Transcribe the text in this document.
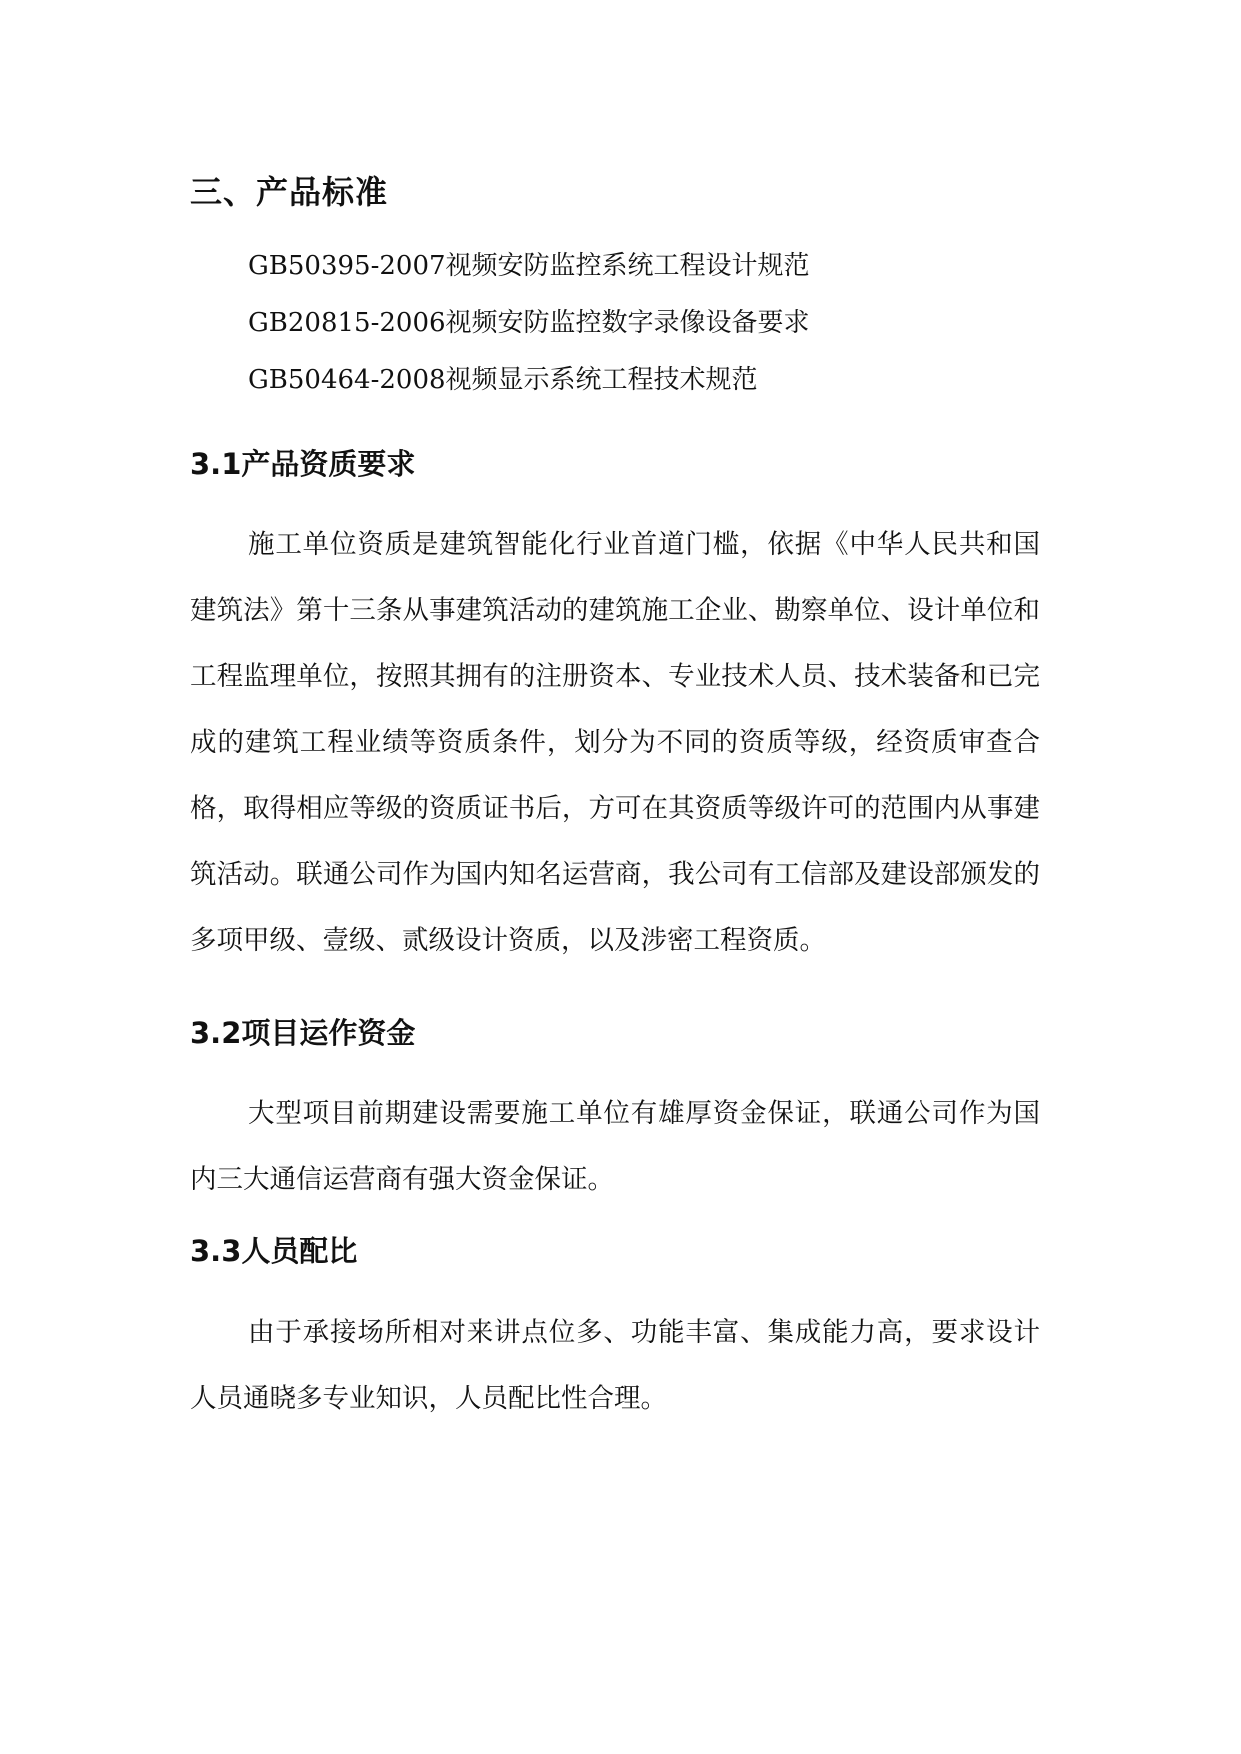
三、产品标准

GB50395-2007视频安防监控系统工程设计规范

GB20815-2006视频安防监控数字录像设备要求

GB50464-2008视频显示系统工程技术规范

3.1产品资质要求

施工单位资质是建筑智能化行业首道门槛，依据《中华人民共和国建筑法》第十三条从事建筑活动的建筑施工企业、勘察单位、设计单位和工程监理单位，按照其拥有的注册资本、专业技术人员、技术装备和已完成的建筑工程业绩等资质条件，划分为不同的资质等级，经资质审查合格，取得相应等级的资质证书后，方可在其资质等级许可的范围内从事建筑活动。联通公司作为国内知名运营商，我公司有工信部及建设部颁发的多项甲级、壹级、贰级设计资质，以及涉密工程资质。

3.2项目运作资金

大型项目前期建设需要施工单位有雄厚资金保证，联通公司作为国内三大通信运营商有强大资金保证。

3.3人员配比

由于承接场所相对来讲点位多、功能丰富、集成能力高，要求设计人员通晓多专业知识，人员配比性合理。
